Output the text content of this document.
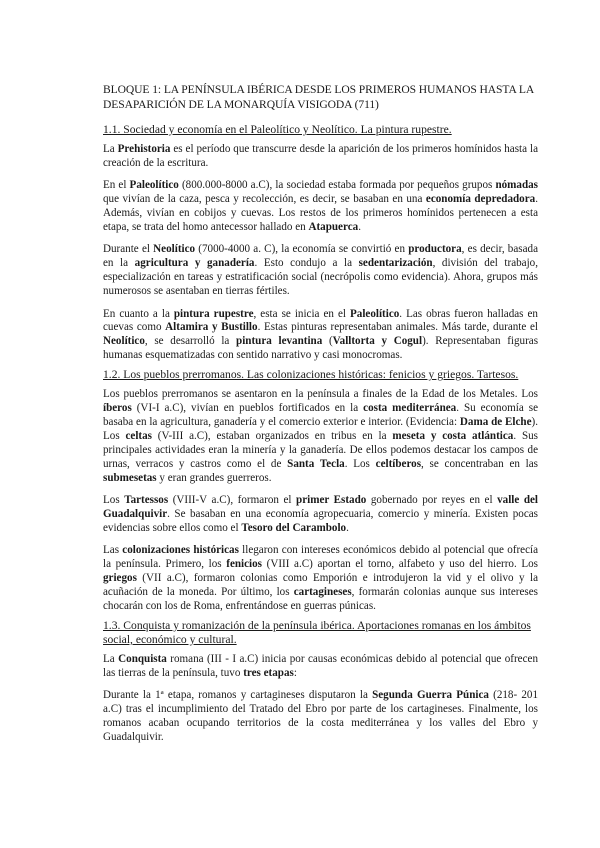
BLOQUE 1: LA PENÍNSULA IBÉRICA DESDE LOS PRIMEROS HUMANOS HASTA LA DESAPARICIÓN DE LA MONARQUÍA VISIGODA (711)
1.1. Sociedad y economía en el Paleolítico y Neolítico. La pintura rupestre.
La Prehistoria es el período que transcurre desde la aparición de los primeros homínidos hasta la creación de la escritura.
En el Paleolítico (800.000-8000 a.C), la sociedad estaba formada por pequeños grupos nómadas que vivían de la caza, pesca y recolección, es decir, se basaban en una economía depredadora. Además, vivían en cobijos y cuevas. Los restos de los primeros homínidos pertenecen a esta etapa, se trata del homo antecessor hallado en Atapuerca.
Durante el Neolítico (7000-4000 a. C), la economía se convirtió en productora, es decir, basada en la agricultura y ganadería. Esto condujo a la sedentarización, división del trabajo, especialización en tareas y estratificación social (necrópolis como evidencia). Ahora, grupos más numerosos se asentaban en tierras fértiles.
En cuanto a la pintura rupestre, esta se inicia en el Paleolítico. Las obras fueron halladas en cuevas como Altamira y Bustillo. Estas pinturas representaban animales. Más tarde, durante el Neolítico, se desarrolló la pintura levantina (Valltorta y Cogul). Representaban figuras humanas esquematizadas con sentido narrativo y casi monocromas.
1.2. Los pueblos prerromanos. Las colonizaciones históricas: fenicios y griegos. Tartesos.
Los pueblos prerromanos se asentaron en la península a finales de la Edad de los Metales. Los íberos (VI-I a.C), vivían en pueblos fortificados en la costa mediterránea. Su economía se basaba en la agricultura, ganadería y el comercio exterior e interior. (Evidencia: Dama de Elche). Los celtas (V-III a.C), estaban organizados en tribus en la meseta y costa atlántica. Sus principales actividades eran la minería y la ganadería. De ellos podemos destacar los campos de urnas, verracos y castros como el de Santa Tecla. Los celtíberos, se concentraban en las submesetas y eran grandes guerreros.
Los Tartessos (VIII-V a.C), formaron el primer Estado gobernado por reyes en el valle del Guadalquivir. Se basaban en una economía agropecuaria, comercio y minería. Existen pocas evidencias sobre ellos como el Tesoro del Carambolo.
Las colonizaciones históricas llegaron con intereses económicos debido al potencial que ofrecía la península. Primero, los fenicios (VIII a.C) aportan el torno, alfabeto y uso del hierro. Los griegos (VII a.C), formaron colonias como Emporión e introdujeron la vid y el olivo y la acuñación de la moneda. Por último, los cartagineses, formarán colonias aunque sus intereses chocarán con los de Roma, enfrentándose en guerras púnicas.
1.3. Conquista y romanización de la península ibérica. Aportaciones romanas en los ámbitos social, económico y cultural.
La Conquista romana (III - I a.C) inicia por causas económicas debido al potencial que ofrecen las tierras de la península, tuvo tres etapas:
Durante la 1ª etapa, romanos y cartagineses disputaron la Segunda Guerra Púnica (218- 201 a.C) tras el incumplimiento del Tratado del Ebro por parte de los cartagineses. Finalmente, los romanos acaban ocupando territorios de la costa mediterránea y los valles del Ebro y Guadalquivir.
